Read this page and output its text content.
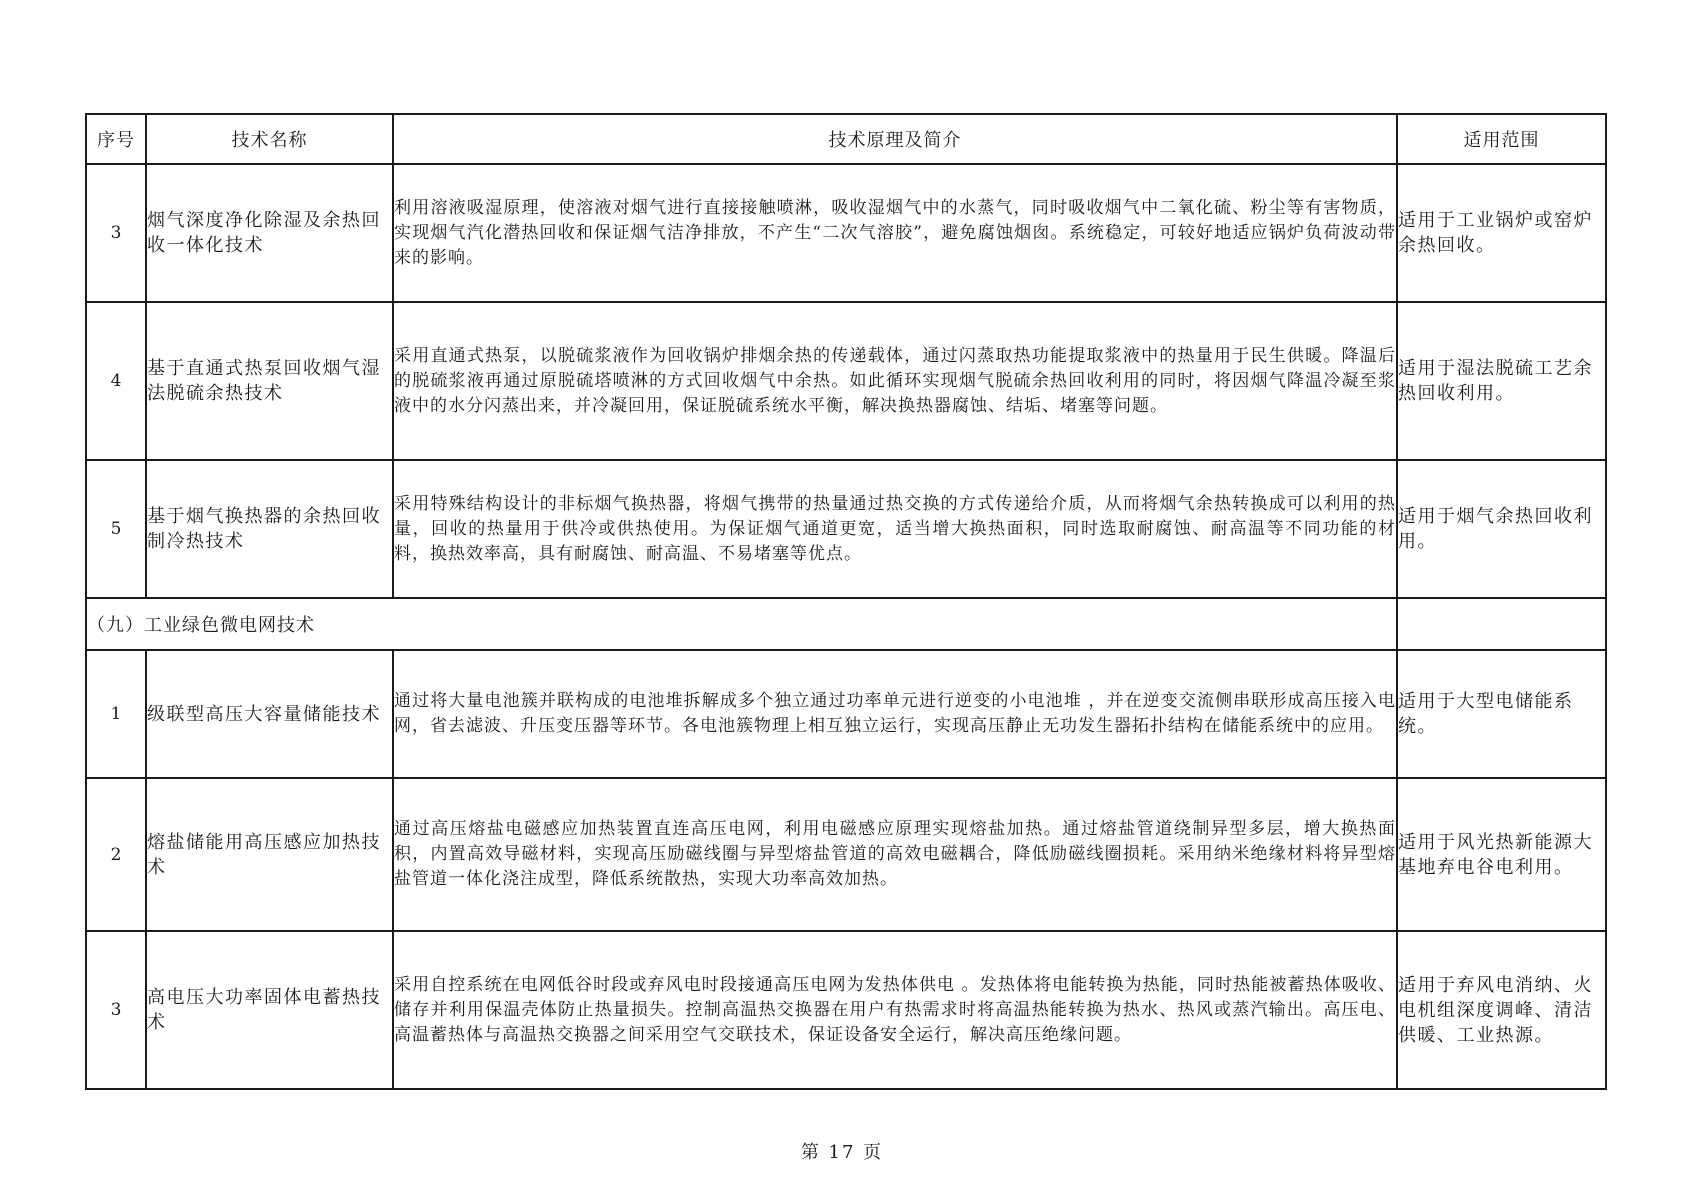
序号	技术名称	技术原理及简介	适用范围
3	烟气深度净化除湿及余热回收一体化技术	利用溶液吸湿原理，使溶液对烟气进行直接接触喷淋，吸收湿烟气中的水蒸气，同时吸收烟气中二氧化硫、粉尘等有害物质，实现烟气汽化潜热回收和保证烟气洁净排放，不产生“二次气溶胶”，避免腐蚀烟囱。系统稳定，可较好地适应锅炉负荷波动带来的影响。	适用于工业锅炉或窑炉余热回收。
4	基于直通式热泵回收烟气湿法脱硫余热技术	采用直通式热泵，以脱硫浆液作为回收锅炉排烟余热的传递载体，通过闪蒸取热功能提取浆液中的热量用于民生供暖。降温后的脱硫浆液再通过原脱硫塔喷淋的方式回收烟气中余热。如此循环实现烟气脱硫余热回收利用的同时，将因烟气降温冷凝至浆液中的水分闪蒸出来，并冷凝回用，保证脱硫系统水平衡，解决换热器腐蚀、结垢、堵塞等问题。	适用于湿法脱硫工艺余热回收利用。
5	基于烟气换热器的余热回收制冷热技术	采用特殊结构设计的非标烟气换热器，将烟气携带的热量通过热交换的方式传递给介质，从而将烟气余热转换成可以利用的热量，回收的热量用于供冷或供热使用。为保证烟气通道更宽，适当增大换热面积，同时选取耐腐蚀、耐高温等不同功能的材料，换热效率高，具有耐腐蚀、耐高温、不易堵塞等优点。	适用于烟气余热回收利用。
（九）工业绿色微电网技术			
1	级联型高压大容量储能技术	通过将大量电池簇并联构成的电池堆拆解成多个独立通过功率单元进行逆变的小电池堆 ，并在逆变交流侧串联形成高压接入电网，省去滤波、升压变压器等环节。各电池簇物理上相互独立运行，实现高压静止无功发生器拓扑结构在储能系统中的应用。	适用于大型电储能系统。
2	熔盐储能用高压感应加热技术	通过高压熔盐电磁感应加热装置直连高压电网，利用电磁感应原理实现熔盐加热。通过熔盐管道绕制异型多层，增大换热面积，内置高效导磁材料，实现高压励磁线圈与异型熔盐管道的高效电磁耦合，降低励磁线圈损耗。采用纳米绝缘材料将异型熔盐管道一体化浇注成型，降低系统散热，实现大功率高效加热。	适用于风光热新能源大基地弃电谷电利用。
3	高电压大功率固体电蓄热技术	采用自控系统在电网低谷时段或弃风电时段接通高压电网为发热体供电 。发热体将电能转换为热能，同时热能被蓄热体吸收、储存并利用保温壳体防止热量损失。控制高温热交换器在用户有热需求时将高温热能转换为热水、热风或蒸汽输出。高压电、高温蓄热体与高温热交换器之间采用空气交联技术，保证设备安全运行，解决高压绝缘问题。	适用于弃风电消纳、火电机组深度调峰、清洁供暖、工业热源。
第 17 页
